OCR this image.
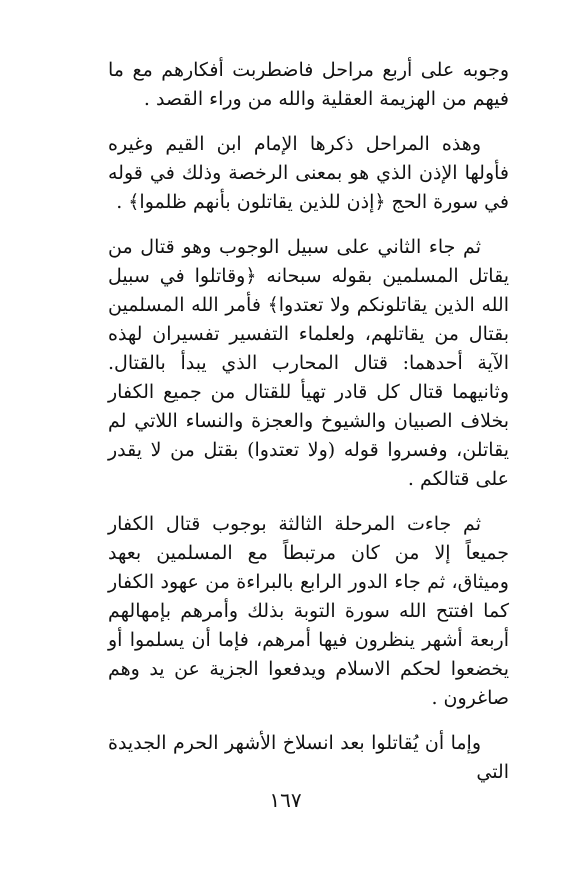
وجوبه على أربع مراحل فاضطربت أفكارهم مع ما فيهم من الهزيمة العقلية والله من وراء القصد .

وهذه المراحل ذكرها الإمام ابن القيم وغيره فأولها الإذن الذي هو بمعنى الرخصة وذلك في قوله في سورة الحج ﴿إذن للذين يقاتلون بأنهم ظلموا﴾ .

ثم جاء الثاني على سبيل الوجوب وهو قتال من يقاتل المسلمين بقوله سبحانه ﴿وقاتلوا في سبيل الله الذين يقاتلونكم ولا تعتدوا﴾ فأمر الله المسلمين بقتال من يقاتلهم، ولعلماء التفسير تفسيران لهذه الآية أحدهما: قتال المحارب الذي يبدأ بالقتال. وثانيهما قتال كل قادر تهيأ للقتال من جميع الكفار بخلاف الصبيان والشيوخ والعجزة والنساء اللاتي لم يقاتلن، وفسروا قوله (ولا تعتدوا) بقتل من لا يقدر على قتالكم .

ثم جاءت المرحلة الثالثة بوجوب قتال الكفار جميعاً إلا من كان مرتبطاً مع المسلمين بعهد وميثاق، ثم جاء الدور الرابع بالبراءة من عهود الكفار كما افتتح الله سورة التوبة بذلك وأمرهم بإمهالهم أربعة أشهر ينظرون فيها أمرهم، فإما أن يسلموا أو يخضعوا لحكم الاسلام ويدفعوا الجزية عن يد وهم صاغرون .

وإما أن يُقاتلوا بعد انسلاخ الأشهر الحرم الجديدة التي

١٦٧
